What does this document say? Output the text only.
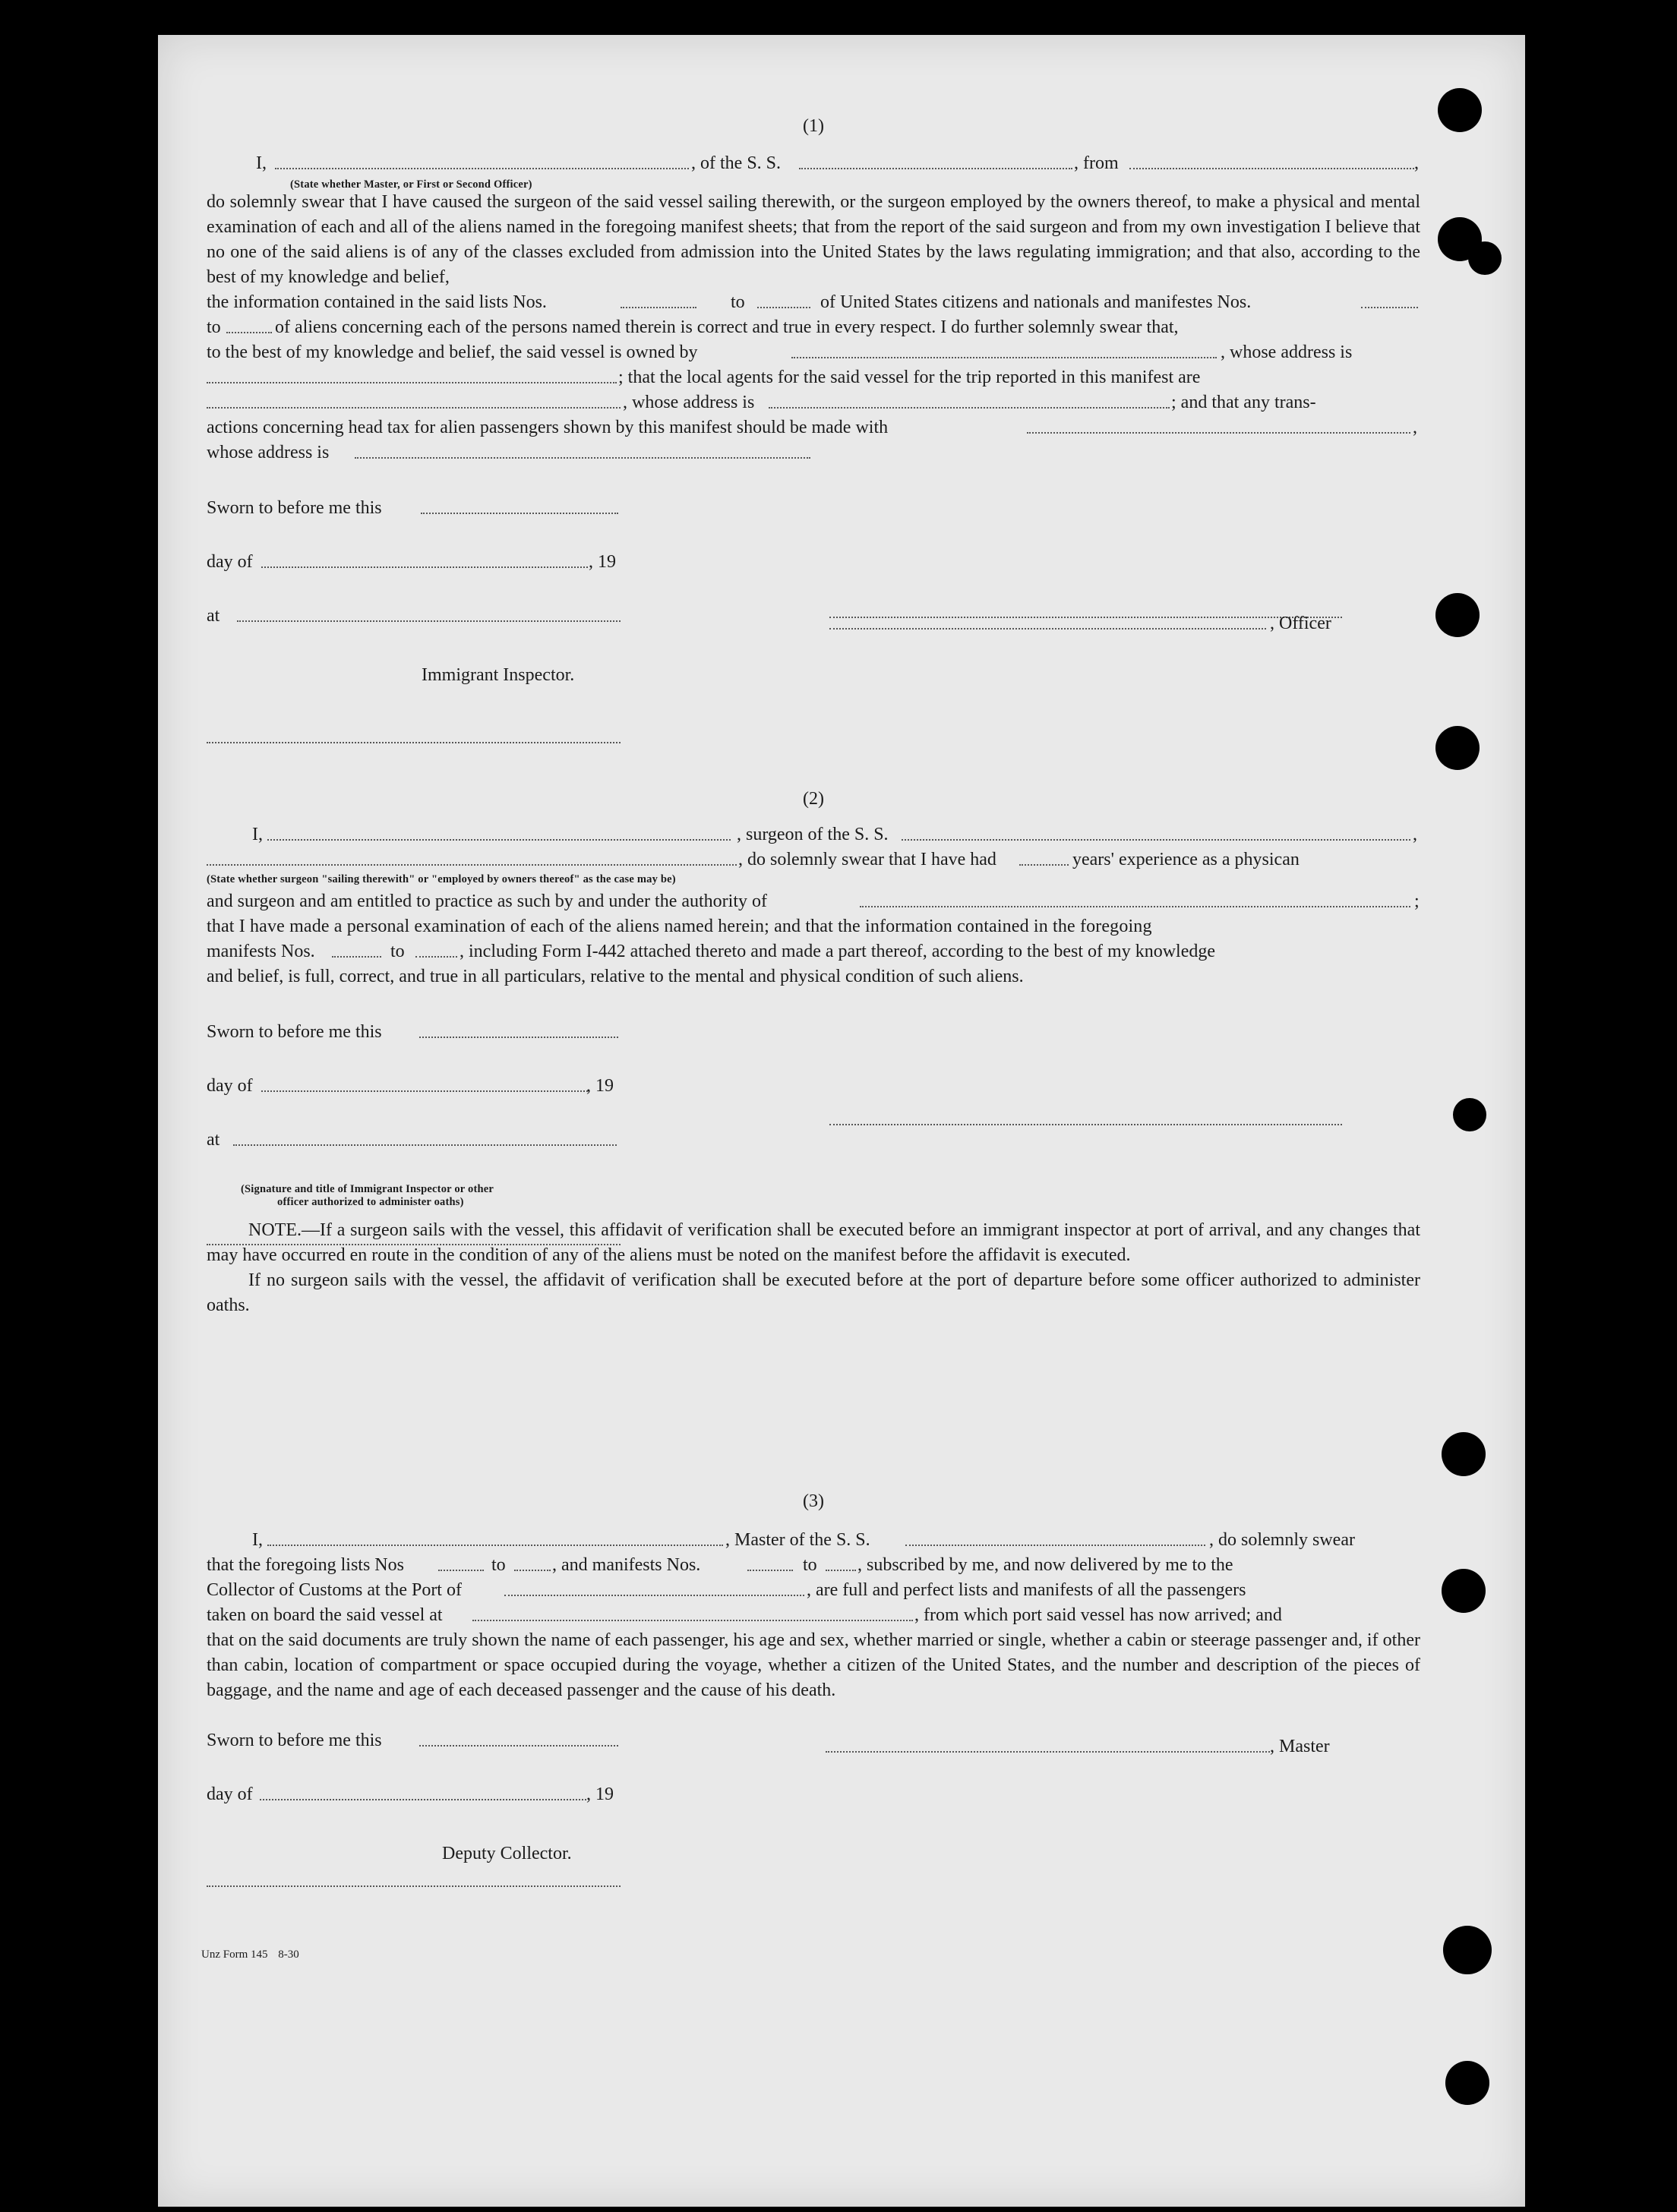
(1)
I,	, of the S. S.	, from	,
(State whether Master, or First or Second Officer)
do solemnly swear that I have caused the surgeon of the said vessel sailing therewith, or the surgeon employed by the owners thereof, to make a physical and mental examination of each and all of the aliens named in the foregoing manifest sheets; that from the report of the said surgeon and from my own investigation I believe that no one of the said aliens is of any of the classes excluded from admission into the United States by the laws regulating immigration; and that also, according to the best of my knowledge and belief,
the information contained in the said lists Nos.	to	of United States citizens and nationals and manifestes Nos.
to	of aliens concerning each of the persons named therein is correct and true in every respect. I do further solemnly swear that,
to the best of my knowledge and belief, the said vessel is owned by	, whose address is
; that the local agents for the said vessel for the trip reported in this manifest are
, whose address is	; and that any trans-
actions concerning head tax for alien passengers shown by this manifest should be made with	,
whose address is
Sworn to before me this
day of	, 19
at	, Officer
Immigrant Inspector.
(2)
I,	, surgeon of the S. S.	,
, do solemnly swear that I have had	years' experience as a physican
(State whether surgeon "sailing therewith" or "employed by owners thereof" as the case may be)
and surgeon and am entitled to practice as such by and under the authority of	;
that I have made a personal examination of each of the aliens named herein; and that the information contained in the foregoing
manifests Nos.	to	, including Form I-442 attached thereto and made a part thereof, according to the best of my knowledge
and belief, is full, correct, and true in all particulars, relative to the mental and physical condition of such aliens.
Sworn to before me this
day of	, 19
at
(Signature and title of Immigrant Inspector or other
officer authorized to administer oaths)
NOTE.—If a surgeon sails with the vessel, this affidavit of verification shall be executed before an immigrant inspector at port of arrival, and any changes that may have occurred en route in the condition of any of the aliens must be noted on the manifest before the affidavit is executed.
If no surgeon sails with the vessel, the affidavit of verification shall be executed before at the port of departure before some officer authorized to administer oaths.
(3)
I,	, Master of the S. S.	, do solemnly swear
that the foregoing lists Nos	to	, and manifests Nos.	to , subscribed by me, and now delivered by me to the
Collector of Customs at the Port of	, are full and perfect lists and manifests of all the passengers
taken on board the said vessel at	, from which port said vessel has now arrived; and
that on the said documents are truly shown the name of each passenger, his age and sex, whether married or single, whether a cabin or steerage passenger and, if other than cabin, location of compartment or space occupied during the voyage, whether a citizen of the United States, and the number and description of the pieces of baggage, and the name and age of each deceased passenger and the cause of his death.
Sworn to before me this	, Master
day of	, 19
Deputy Collector.
Unz Form 145 8-30
